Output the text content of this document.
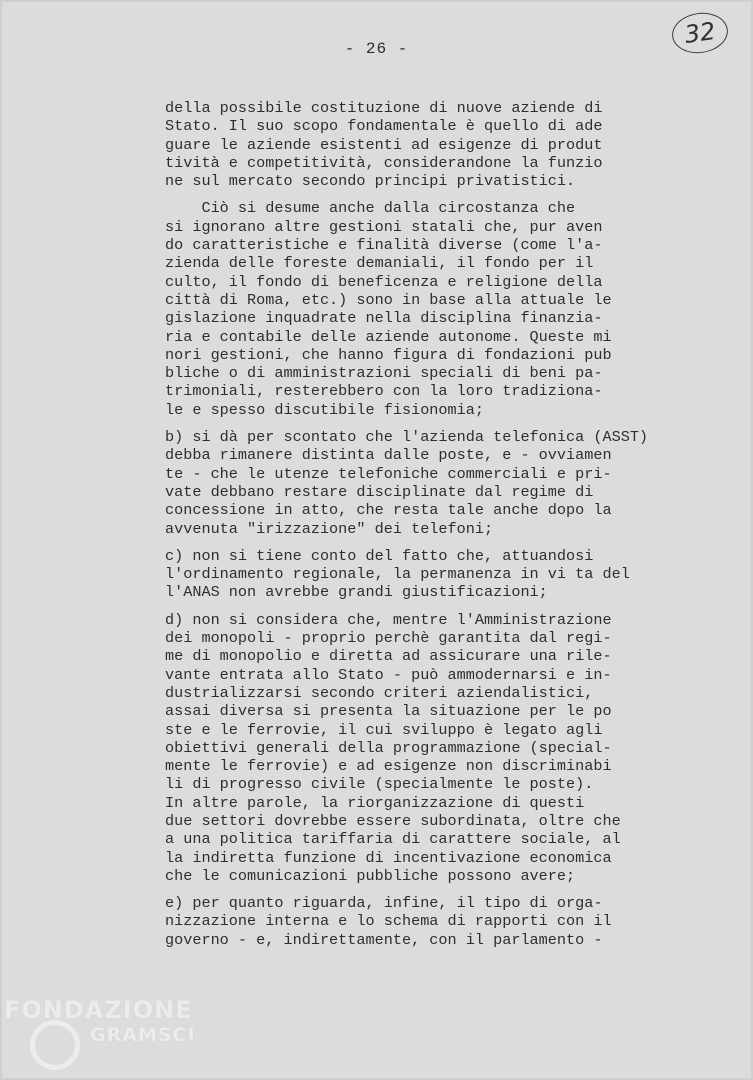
32
- 26 -

della possibile costituzione di nuove aziende di
Stato. Il suo scopo fondamentale è quello di ade
guare le aziende esistenti ad esigenze di produt
tività e competitività, considerandone la funzio
ne sul mercato secondo principi privatistici.

Ciò si desume anche dalla circostanza che
si ignorano altre gestioni statali che, pur aven
do caratteristiche e finalità diverse (come l'a-
zienda delle foreste demaniali, il fondo per il
culto, il fondo di beneficenza e religione della
città di Roma, etc.) sono in base alla attuale le
gislazione inquadrate nella disciplina finanzia-
ria e contabile delle aziende autonome. Queste mi
nori gestioni, che hanno figura di fondazioni pub
bliche o di amministrazioni speciali di beni pa-
trimoniali, resterebbero con la loro tradiziona-
le e spesso discutibile fisionomia;

b) si dà per scontato che l'azienda telefonica (ASST)
debba rimanere distinta dalle poste, e - ovviamen
te - che le utenze telefoniche commerciali e pri-
vate debbano restare disciplinate dal regime di
concessione in atto, che resta tale anche dopo la
avvenuta "irizzazione" dei telefoni;

c) non si tiene conto del fatto che, attuandosi
l'ordinamento regionale, la permanenza in vi ta del
l'ANAS non avrebbe grandi giustificazioni;

d) non si considera che, mentre l'Amministrazione
dei monopoli - proprio perchè garantita dal regi-
me di monopolio e diretta ad assicurare una rile-
vante entrata allo Stato - può ammodernarsi e in-
dustrializzarsi secondo criteri aziendalistici,
assai diversa si presenta la situazione per le po
ste e le ferrovie, il cui sviluppo è legato agli
obiettivi generali della programmazione (special-
mente le ferrovie) e ad esigenze non discriminabi
li di progresso civile (specialmente le poste).
In altre parole, la riorganizzazione di questi
due settori dovrebbe essere subordinata, oltre che
a una politica tariffaria di carattere sociale, al
la indiretta funzione di incentivazione economica
che le comunicazioni pubbliche possono avere;

e) per quanto riguarda, infine, il tipo di orga-
nizzazione interna e lo schema di rapporti con il
governo - e, indirettamente, con il parlamento -

FONDAZIONE
GRAMSCI
